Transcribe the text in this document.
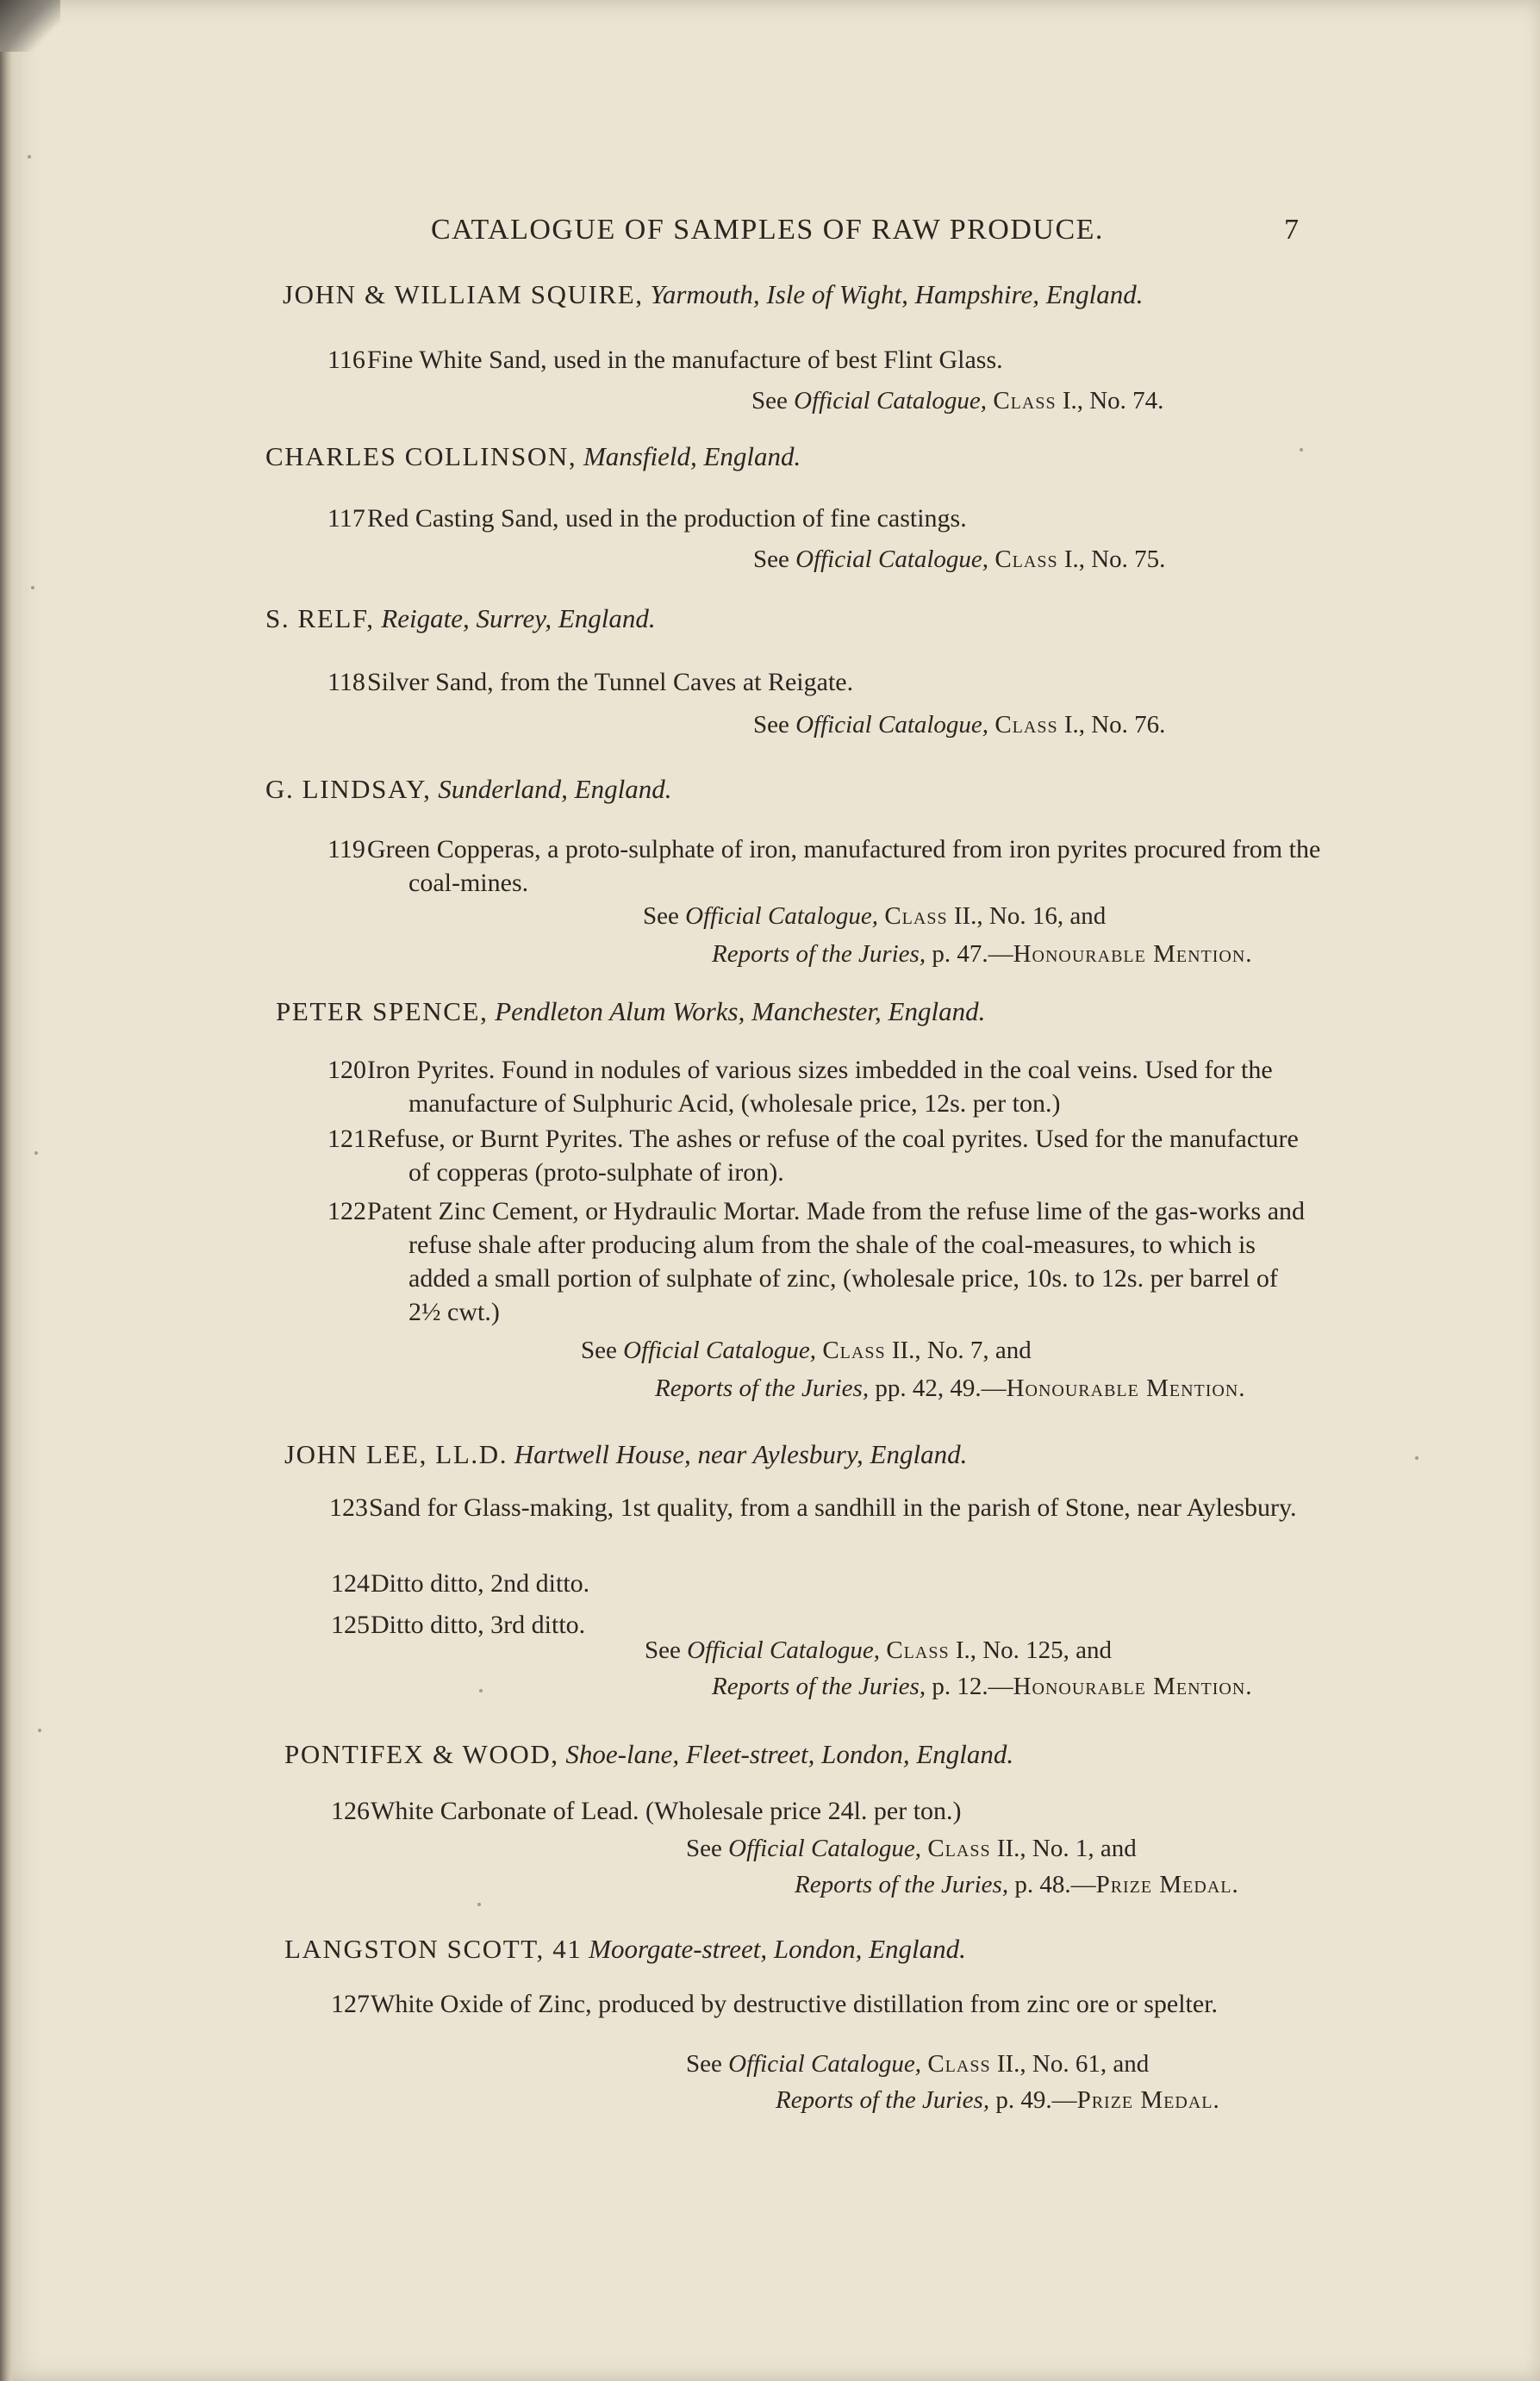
CATALOGUE OF SAMPLES OF RAW PRODUCE.	7
JOHN & WILLIAM SQUIRE, Yarmouth, Isle of Wight, Hampshire, England.
116 Fine White Sand, used in the manufacture of best Flint Glass.
See Official Catalogue, Class I., No. 74.
CHARLES COLLINSON, Mansfield, England.
117 Red Casting Sand, used in the production of fine castings.
See Official Catalogue, Class I., No. 75.
S. RELF, Reigate, Surrey, England.
118 Silver Sand, from the Tunnel Caves at Reigate.
See Official Catalogue, Class I., No. 76.
G. LINDSAY, Sunderland, England.
119 Green Copperas, a proto-sulphate of iron, manufactured from iron pyrites procured from the coal-mines.
See Official Catalogue, Class II., No. 16, and
Reports of the Juries, p. 47.—Honourable Mention.
PETER SPENCE, Pendleton Alum Works, Manchester, England.
120 Iron Pyrites. Found in nodules of various sizes imbedded in the coal veins. Used for the manufacture of Sulphuric Acid, (wholesale price, 12s. per ton.)
121 Refuse, or Burnt Pyrites. The ashes or refuse of the coal pyrites. Used for the manufacture of copperas (proto-sulphate of iron).
122 Patent Zinc Cement, or Hydraulic Mortar. Made from the refuse lime of the gas-works and refuse shale after producing alum from the shale of the coal-measures, to which is added a small portion of sulphate of zinc, (wholesale price, 10s. to 12s. per barrel of 2½ cwt.)
See Official Catalogue, Class II., No. 7, and
Reports of the Juries, pp. 42, 49.—Honourable Mention.
JOHN LEE, LL.D. Hartwell House, near Aylesbury, England.
123 Sand for Glass-making, 1st quality, from a sandhill in the parish of Stone, near Aylesbury.
124 Ditto ditto, 2nd ditto.
125 Ditto ditto, 3rd ditto.
See Official Catalogue, Class I., No. 125, and
Reports of the Juries, p. 12.—Honourable Mention.
PONTIFEX & WOOD, Shoe-lane, Fleet-street, London, England.
126 White Carbonate of Lead. (Wholesale price 24l. per ton.)
See Official Catalogue, Class II., No. 1, and
Reports of the Juries, p. 48.—Prize Medal.
LANGSTON SCOTT, 41 Moorgate-street, London, England.
127 White Oxide of Zinc, produced by destructive distillation from zinc ore or spelter.
See Official Catalogue, Class II., No. 61, and
Reports of the Juries, p. 49.—Prize Medal.
